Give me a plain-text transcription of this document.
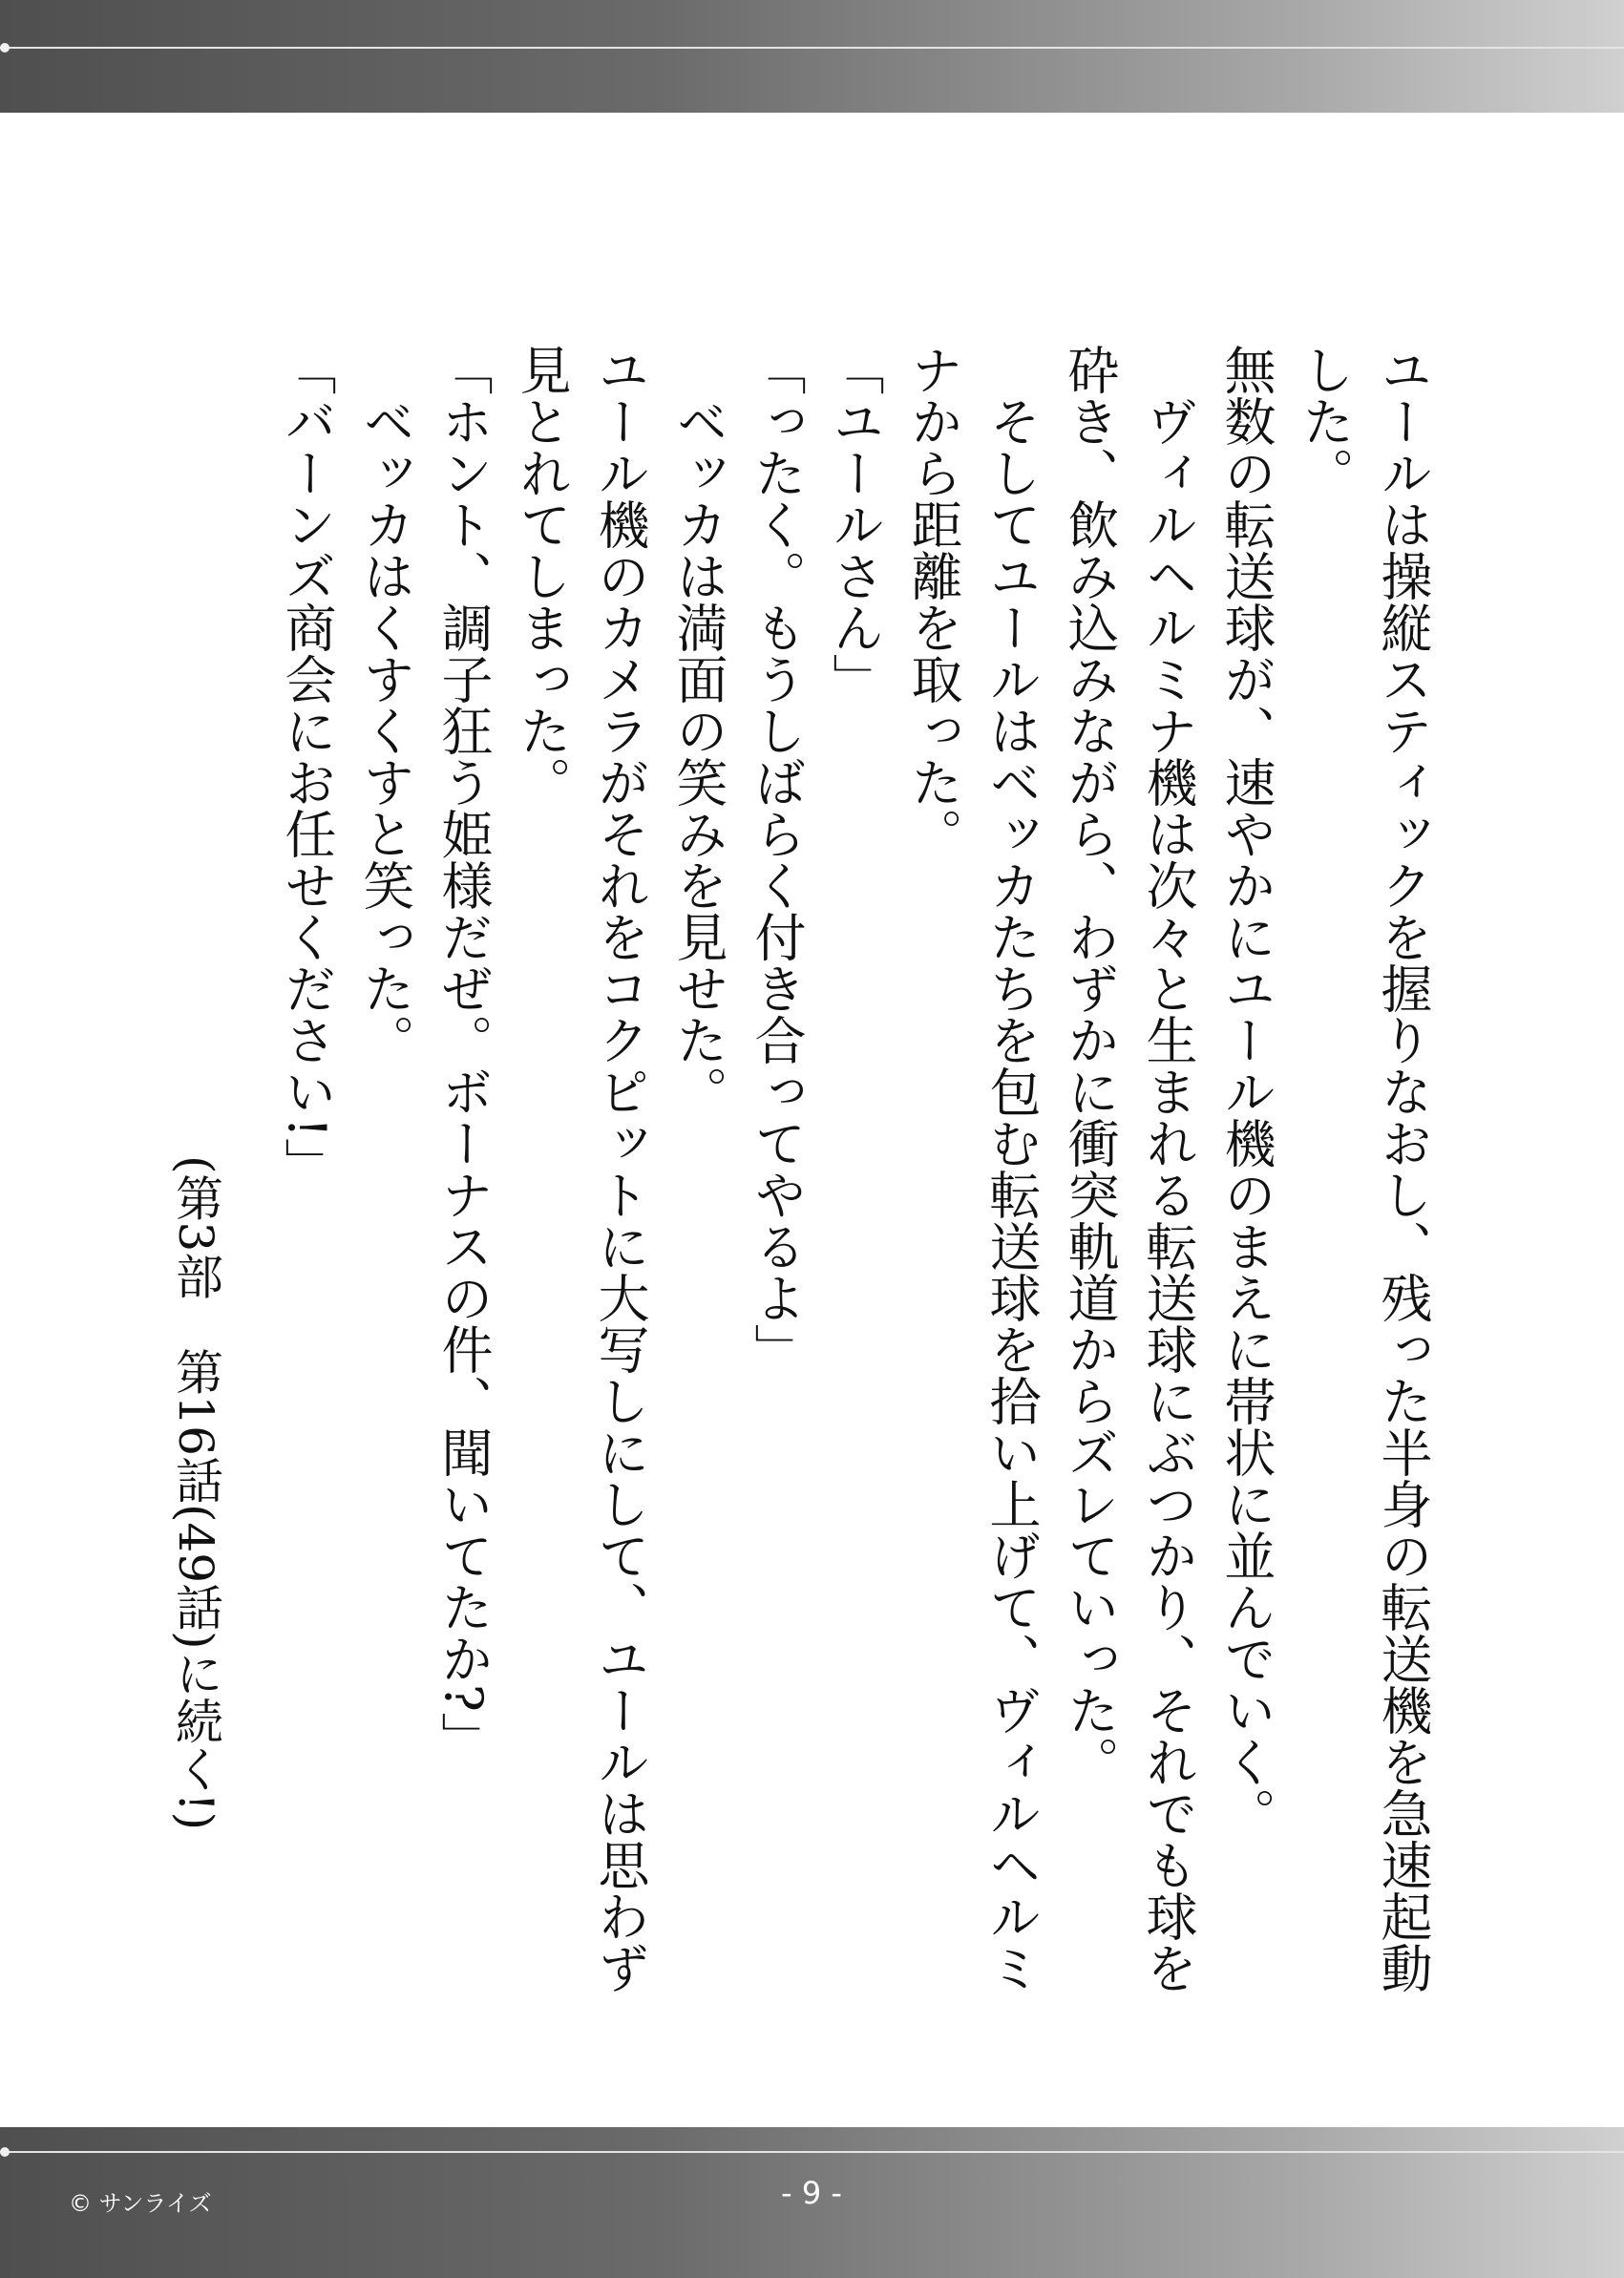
ユールは操縦スティックを握りなおし、残った半身の転送機を急速起動した。

無数の転送球が、速やかにユール機のまえに帯状に並んでいく。

ヴィルヘルミナ機は次々と生まれる転送球にぶつかり、それでも球を砕き、飲み込みながら、わずかに衝突軌道からズレていった。

そしてユールはベッカたちを包む転送球を拾い上げて、ヴィルヘルミナから距離を取った。

「ユールさん」

「ったく。もうしばらく付き合ってやるよ」

ベッカは満面の笑みを見せた。

ユール機のカメラがそれをコクピットに大写しにして、ユールは思わず見とれてしまった。

「ホント、調子狂う姫様だぜ。ボーナスの件、聞いてたか?」

ベッカはくすくすと笑った。

「バーンズ商会にお任せください!」

(第3部　第16話(49話)に続く!)

© サンライズ	- 9 -
